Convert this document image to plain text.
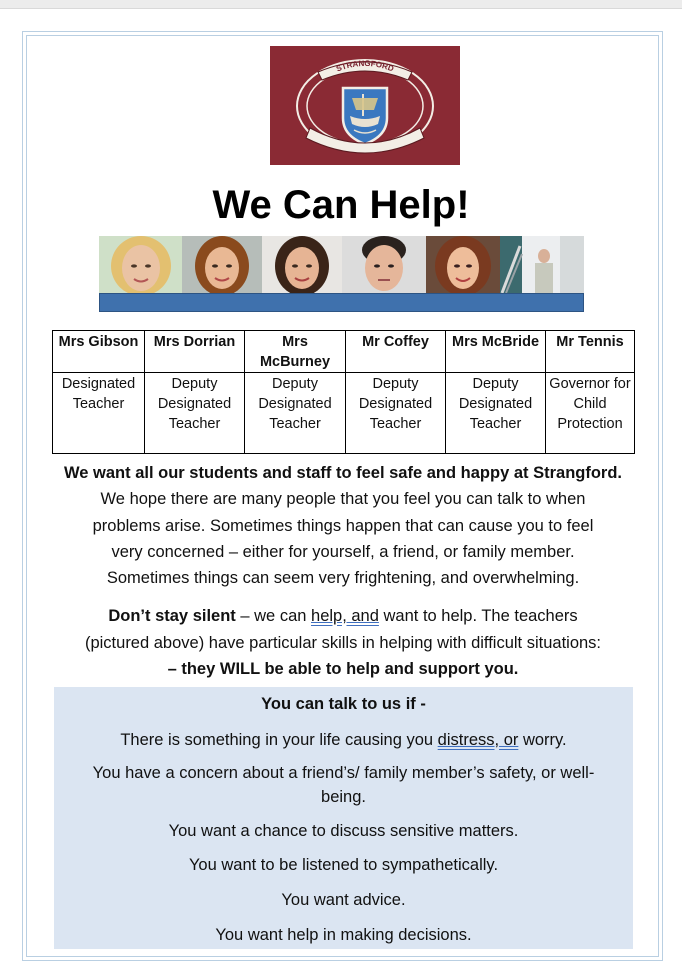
STRANGFORD
We Can Help!
Mrs Gibson	Mrs Dorrian	Mrs McBurney	Mr Coffey	Mrs McBride	Mr Tennis
Designated Teacher	Deputy Designated Teacher	Deputy Designated Teacher	Deputy Designated Teacher	Deputy Designated Teacher	Governor for Child Protection
We want all our students and staff to feel safe and happy at Strangford.
We hope there are many people that you feel you can talk to when
problems arise. Sometimes things happen that can cause you to feel
very concerned – either for yourself, a friend, or family member.
Sometimes things can seem very frightening, and overwhelming.
Don’t stay silent – we can help, and want to help. The teachers
(pictured above) have particular skills in helping with difficult situations:
– they WILL be able to help and support you.
You can talk to us if -
There is something in your life causing you distress, or worry.
You have a concern about a friend’s/ family member’s safety, or well-
being.
You want a chance to discuss sensitive matters.
You want to be listened to sympathetically.
You want advice.
You want help in making decisions.
